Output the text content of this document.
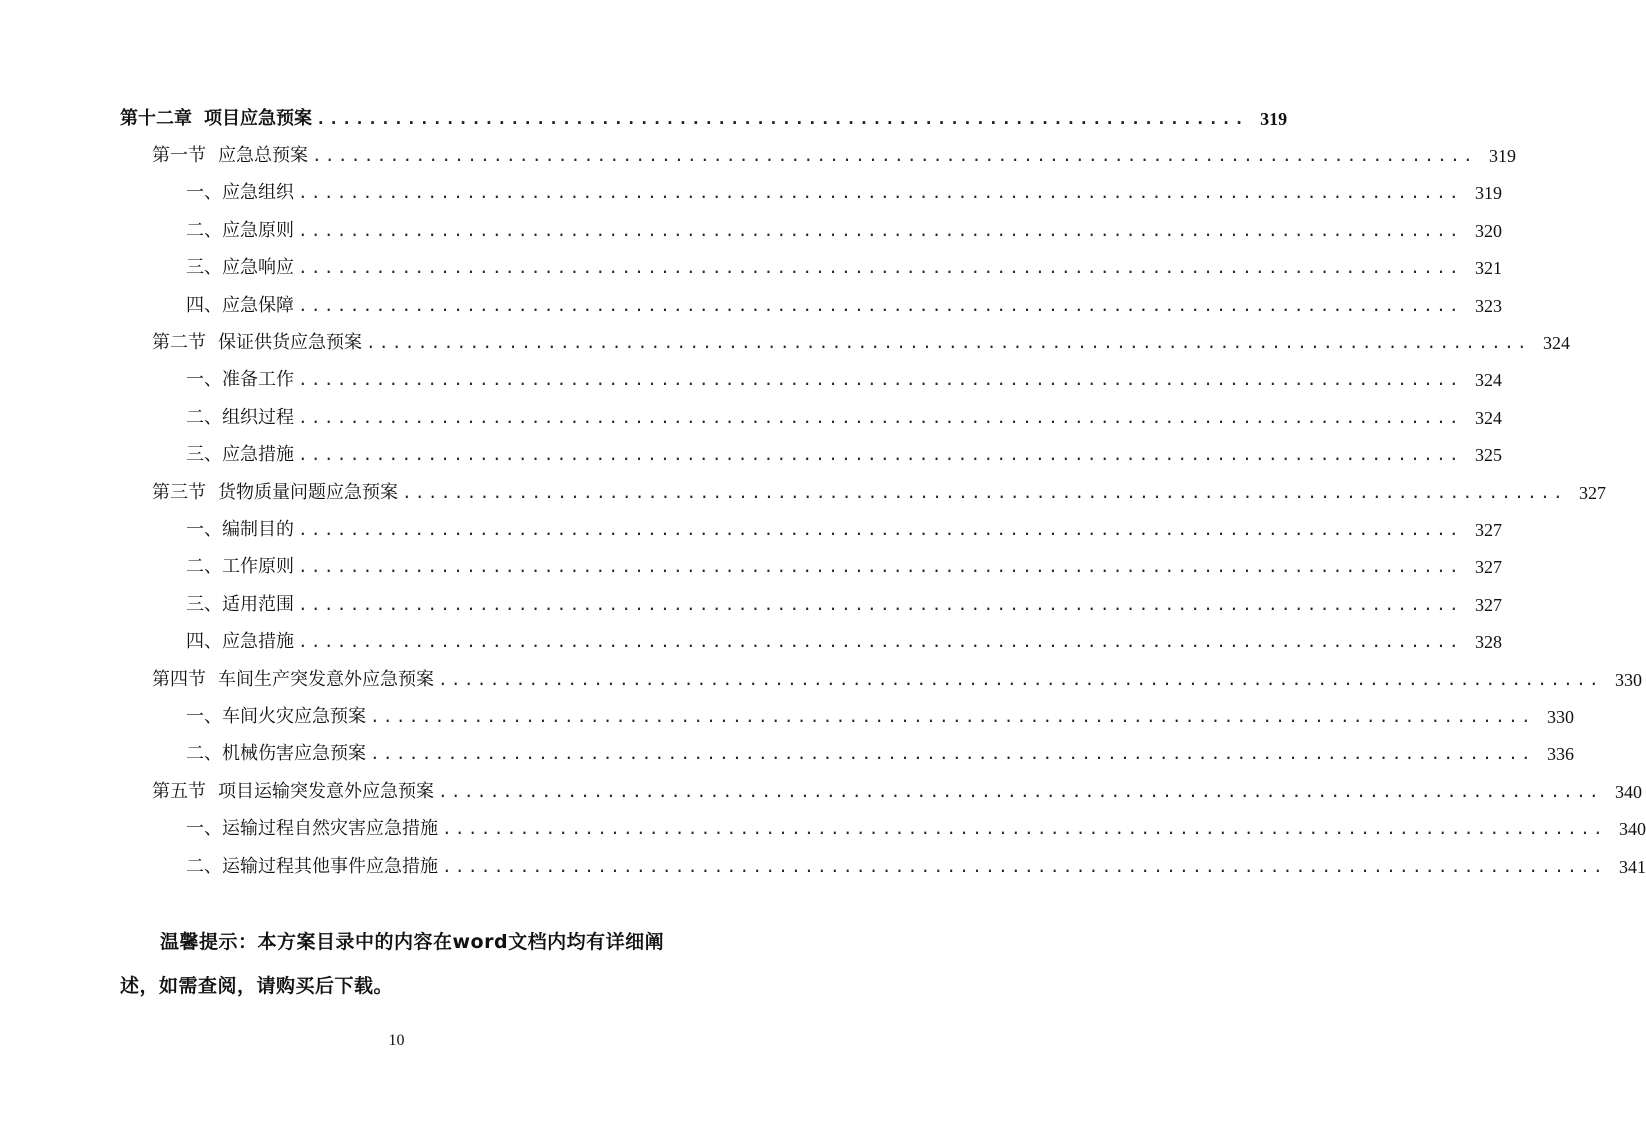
第十二章 项目应急预案 ........................................................................ 319
第一节 应急总预案 .......................................................................................... 319
一、应急组织 .......................................................................................... 319
二、应急原则 .......................................................................................... 320
三、应急响应 .......................................................................................... 321
四、应急保障 .......................................................................................... 323
第二节 保证供货应急预案 .......................................................................................... 324
一、准备工作 .......................................................................................... 324
二、组织过程 .......................................................................................... 324
三、应急措施 .......................................................................................... 325
第三节 货物质量问题应急预案 .......................................................................................... 327
一、编制目的 .......................................................................................... 327
二、工作原则 .......................................................................................... 327
三、适用范围 .......................................................................................... 327
四、应急措施 .......................................................................................... 328
第四节 车间生产突发意外应急预案 .......................................................................................... 330
一、车间火灾应急预案 .......................................................................................... 330
二、机械伤害应急预案 .......................................................................................... 336
第五节 项目运输突发意外应急预案 .......................................................................................... 340
一、运输过程自然灾害应急措施 .......................................................................................... 340
二、运输过程其他事件应急措施 .......................................................................................... 341
温馨提示：本方案目录中的内容在word文档内均有详细阐述，如需查阅，请购买后下载。
10
